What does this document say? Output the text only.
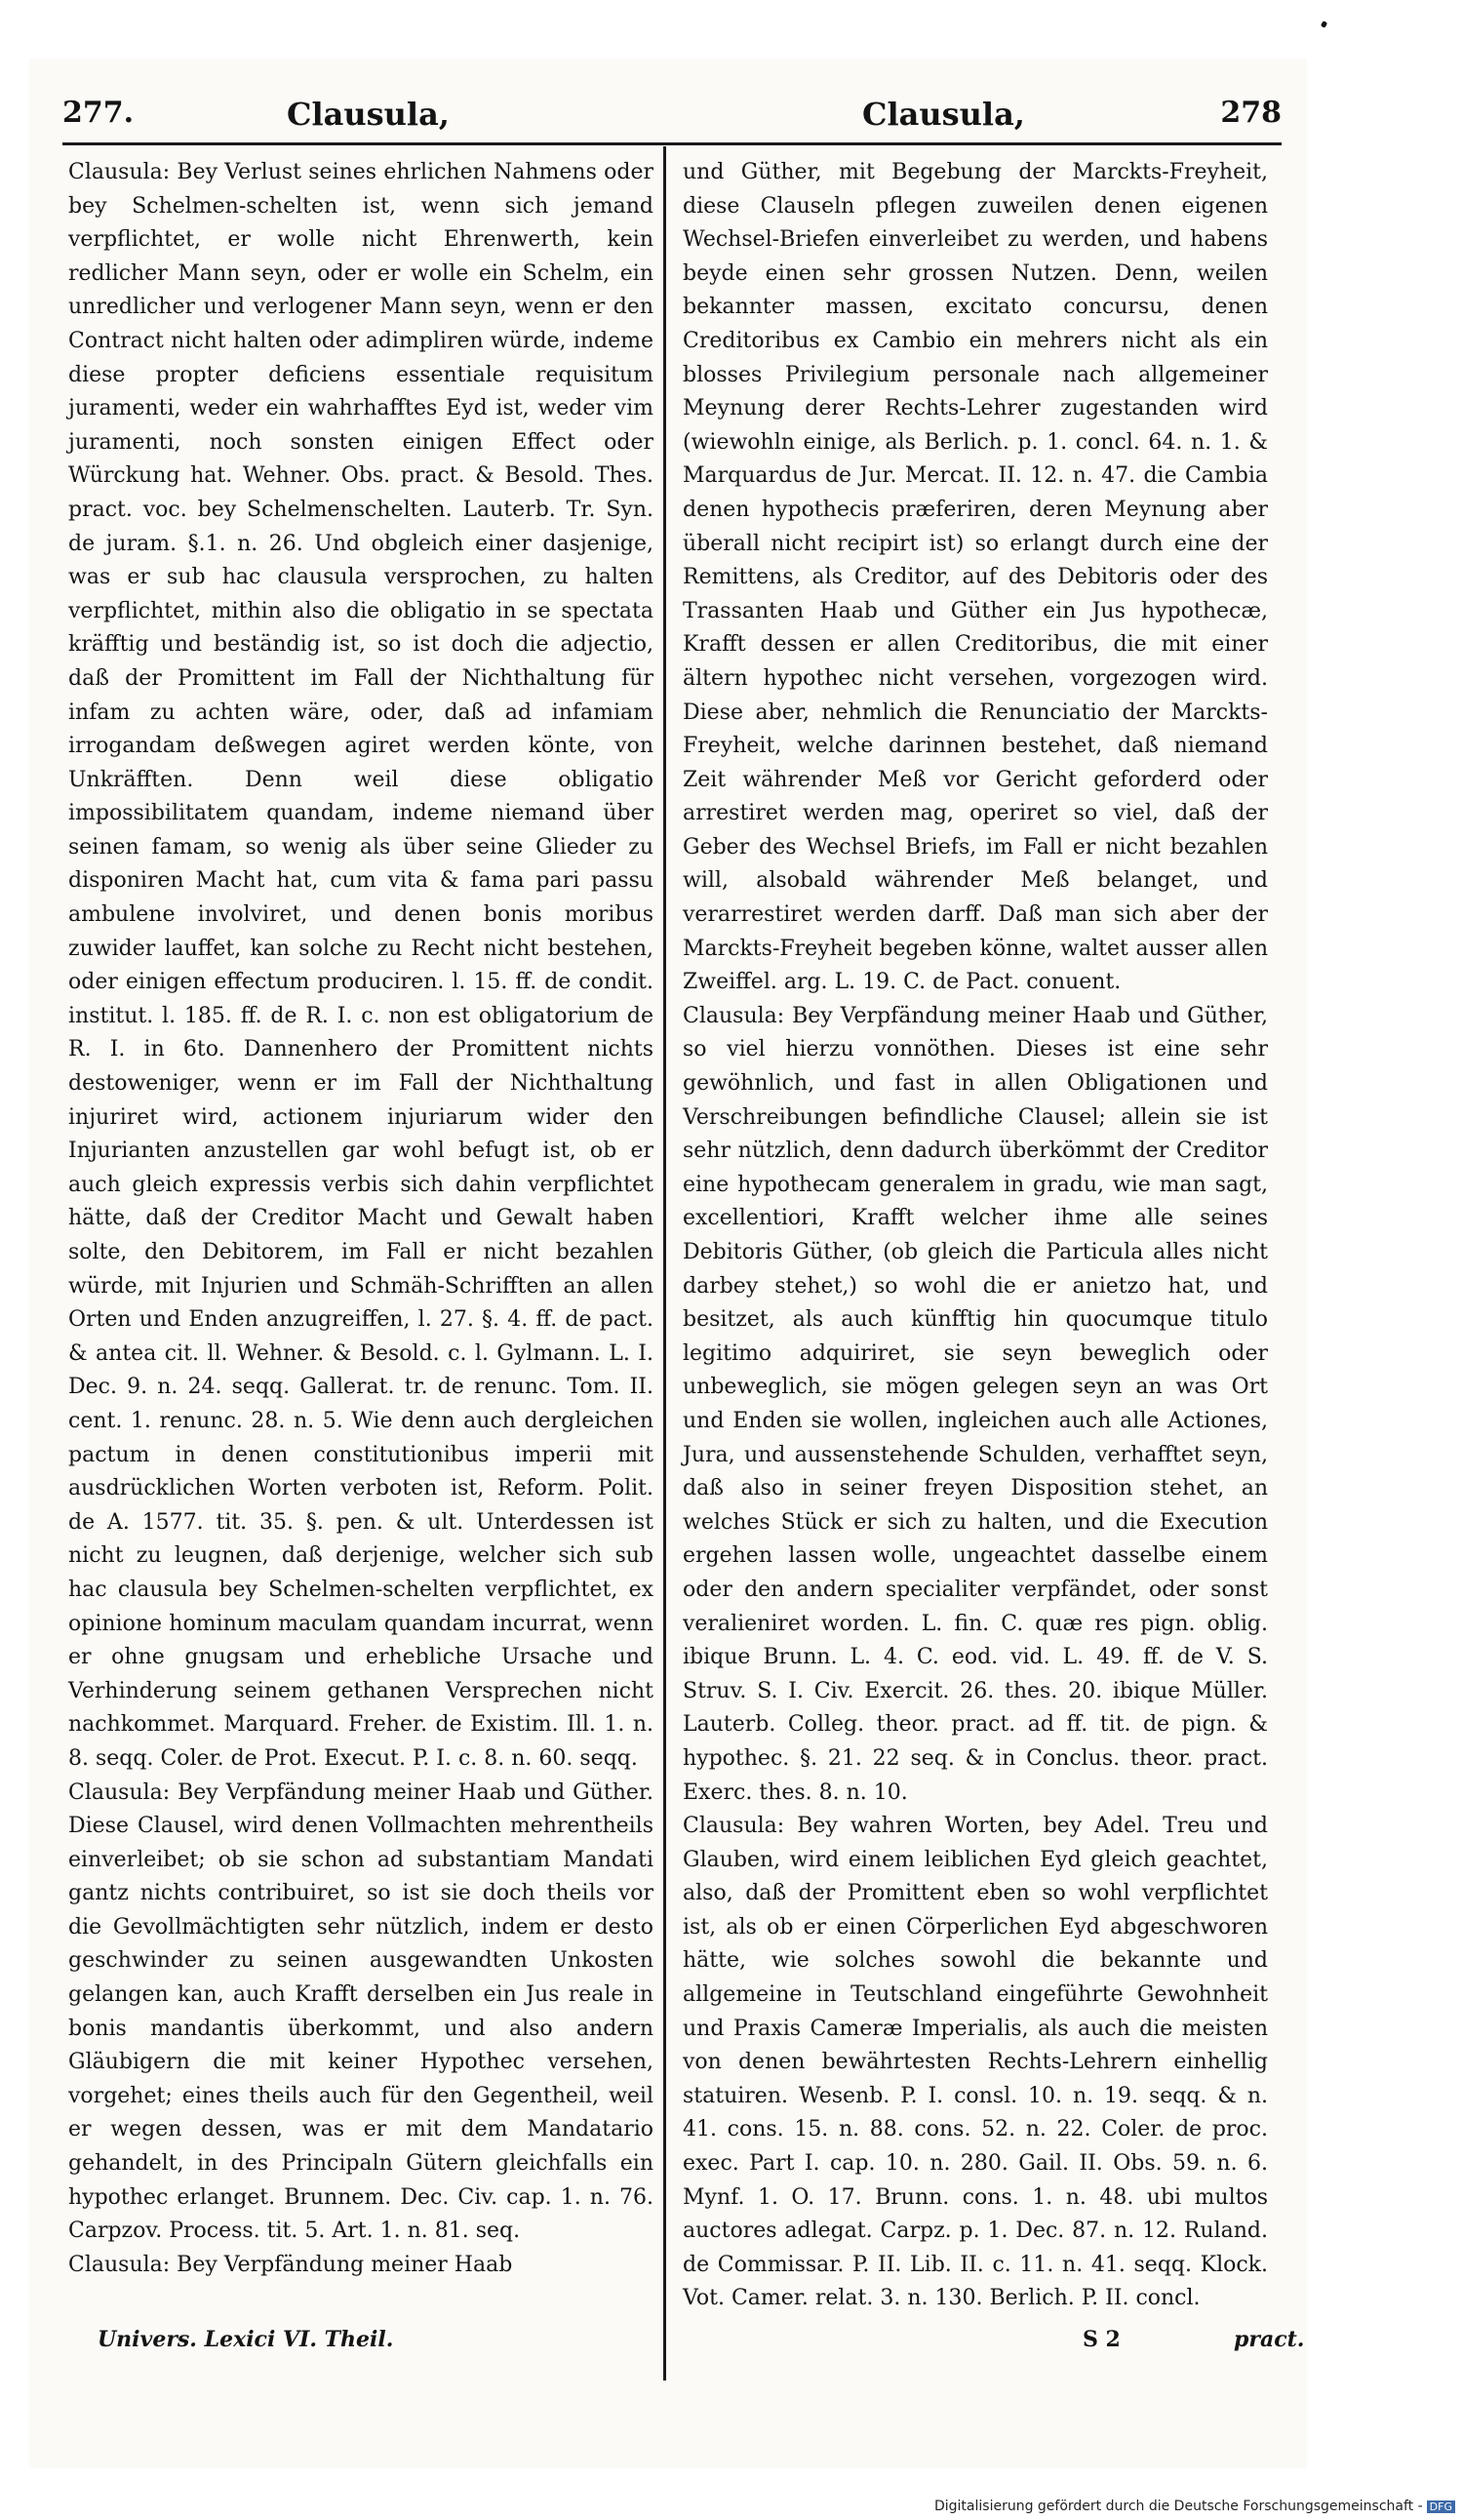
277.	Clausula,	Clausula,	278

Clausula: Bey Verlust seines ehrlichen Nahmens oder bey Schelmen-schelten ist, wenn sich jemand verpflichtet, er wolle nicht Ehrenwerth, kein redlicher Mann seyn, oder er wolle ein Schelm, ein unredlicher und verlogener Mann seyn, wenn er den Contract nicht halten oder adimpliren würde, indeme diese propter deficiens essentiale requisitum juramenti, weder ein wahrhafftes Eyd ist, weder vim juramenti, noch sonsten einigen Effect oder Würckung hat. Wehner. Obs. pract. & Besold. Thes. pract. voc. bey Schelmenschelten. Lauterb. Tr. Syn. de juram. §.1. n. 26. Und obgleich einer dasjenige, was er sub hac clausula versprochen, zu halten verpflichtet, mithin also die obligatio in se spectata kräfftig und beständig ist, so ist doch die adjectio, daß der Promittent im Fall der Nichthaltung für infam zu achten wäre, oder, daß ad infamiam irrogandam deßwegen agiret werden könte, von Unkräfften. Denn weil diese obligatio impossibilitatem quandam, indeme niemand über seinen famam, so wenig als über seine Glieder zu disponiren Macht hat, cum vita & fama pari passu ambulene involviret, und denen bonis moribus zuwider lauffet, kan solche zu Recht nicht bestehen, oder einigen effectum produciren. l. 15. ff. de condit. institut. l. 185. ff. de R. I. c. non est obligatorium de R. I. in 6to. Dannenhero der Promittent nichts destoweniger, wenn er im Fall der Nichthaltung injuriret wird, actionem injuriarum wider den Injurianten anzustellen gar wohl befugt ist, ob er auch gleich expressis verbis sich dahin verpflichtet hätte, daß der Creditor Macht und Gewalt haben solte, den Debitorem, im Fall er nicht bezahlen würde, mit Injurien und Schmäh-Schrifften an allen Orten und Enden anzugreiffen, l. 27. §. 4. ff. de pact. & antea cit. ll. Wehner. & Besold. c. l. Gylmann. L. I. Dec. 9. n. 24. seqq. Gallerat. tr. de renunc. Tom. II. cent. 1. renunc. 28. n. 5. Wie denn auch dergleichen pactum in denen constitutionibus imperii mit ausdrücklichen Worten verboten ist, Reform. Polit. de A. 1577. tit. 35. §. pen. & ult. Unterdessen ist nicht zu leugnen, daß derjenige, welcher sich sub hac clausula bey Schelmen-schelten verpflichtet, ex opinione hominum maculam quandam incurrat, wenn er ohne gnugsam und erhebliche Ursache und Verhinderung seinem gethanen Versprechen nicht nachkommet. Marquard. Freher. de Existim. Ill. 1. n. 8. seqq. Coler. de Prot. Execut. P. I. c. 8. n. 60. seqq.

Clausula: Bey Verpfändung meiner Haab und Güther. Diese Clausel, wird denen Vollmachten mehrentheils einverleibet; ob sie schon ad substantiam Mandati gantz nichts contribuiret, so ist sie doch theils vor die Gevollmächtigten sehr nützlich, indem er desto geschwinder zu seinen ausgewandten Unkosten gelangen kan, auch Krafft derselben ein Jus reale in bonis mandantis überkommt, und also andern Gläubigern die mit keiner Hypothec versehen, vorgehet; eines theils auch für den Gegentheil, weil er wegen dessen, was er mit dem Mandatario gehandelt, in des Principaln Gütern gleichfalls ein hypothec erlanget. Brunnem. Dec. Civ. cap. 1. n. 76. Carpzov. Process. tit. 5. Art. 1. n. 81. seq.

Clausula: Bey Verpfändung meiner Haab

und Güther, mit Begebung der Marckts-Freyheit, diese Clauseln pflegen zuweilen denen eigenen Wechsel-Briefen einverleibet zu werden, und habens beyde einen sehr grossen Nutzen. Denn, weilen bekannter massen, excitato concursu, denen Creditoribus ex Cambio ein mehrers nicht als ein blosses Privilegium personale nach allgemeiner Meynung derer Rechts-Lehrer zugestanden wird (wiewohln einige, als Berlich. p. 1. concl. 64. n. 1. & Marquardus de Jur. Mercat. II. 12. n. 47. die Cambia denen hypothecis præferiren, deren Meynung aber überall nicht recipirt ist) so erlangt durch eine der Remittens, als Creditor, auf des Debitoris oder des Trassanten Haab und Güther ein Jus hypothecæ, Krafft dessen er allen Creditoribus, die mit einer ältern hypothec nicht versehen, vorgezogen wird. Diese aber, nehmlich die Renunciatio der Marckts-Freyheit, welche darinnen bestehet, daß niemand Zeit währender Meß vor Gericht geforderd oder arrestiret werden mag, operiret so viel, daß der Geber des Wechsel Briefs, im Fall er nicht bezahlen will, alsobald währender Meß belanget, und verarrestiret werden darff. Daß man sich aber der Marckts-Freyheit begeben könne, waltet ausser allen Zweiffel. arg. L. 19. C. de Pact. conuent.

Clausula: Bey Verpfändung meiner Haab und Güther, so viel hierzu vonnöthen. Dieses ist eine sehr gewöhnlich, und fast in allen Obligationen und Verschreibungen befindliche Clausel; allein sie ist sehr nützlich, denn dadurch überkömmt der Creditor eine hypothecam generalem in gradu, wie man sagt, excellentiori, Krafft welcher ihme alle seines Debitoris Güther, (ob gleich die Particula alles nicht darbey stehet,) so wohl die er anietzo hat, und besitzet, als auch künfftig hin quocumque titulo legitimo adquiriret, sie seyn beweglich oder unbeweglich, sie mögen gelegen seyn an was Ort und Enden sie wollen, ingleichen auch alle Actiones, Jura, und aussenstehende Schulden, verhafftet seyn, daß also in seiner freyen Disposition stehet, an welches Stück er sich zu halten, und die Execution ergehen lassen wolle, ungeachtet dasselbe einem oder den andern specialiter verpfändet, oder sonst veralieniret worden. L. fin. C. quæ res pign. oblig. ibique Brunn. L. 4. C. eod. vid. L. 49. ff. de V. S. Struv. S. I. Civ. Exercit. 26. thes. 20. ibique Müller. Lauterb. Colleg. theor. pract. ad ff. tit. de pign. & hypothec. §. 21. 22 seq. & in Conclus. theor. pract. Exerc. thes. 8. n. 10.

Clausula: Bey wahren Worten, bey Adel. Treu und Glauben, wird einem leiblichen Eyd gleich geachtet, also, daß der Promittent eben so wohl verpflichtet ist, als ob er einen Cörperlichen Eyd abgeschworen hätte, wie solches sowohl die bekannte und allgemeine in Teutschland eingeführte Gewohnheit und Praxis Cameræ Imperialis, als auch die meisten von denen bewährtesten Rechts-Lehrern einhellig statuiren. Wesenb. P. I. consl. 10. n. 19. seqq. & n. 41. cons. 15. n. 88. cons. 52. n. 22. Coler. de proc. exec. Part I. cap. 10. n. 280. Gail. II. Obs. 59. n. 6. Mynf. 1. O. 17. Brunn. cons. 1. n. 48. ubi multos auctores adlegat. Carpz. p. 1. Dec. 87. n. 12. Ruland. de Commissar. P. II. Lib. II. c. 11. n. 41. seqq. Klock. Vot. Camer. relat. 3. n. 130. Berlich. P. II. concl.

Univers. Lexici VI. Theil.	S 2	pract.
Digitalisierung gefördert durch die Deutsche Forschungsgemeinschaft - DFG
